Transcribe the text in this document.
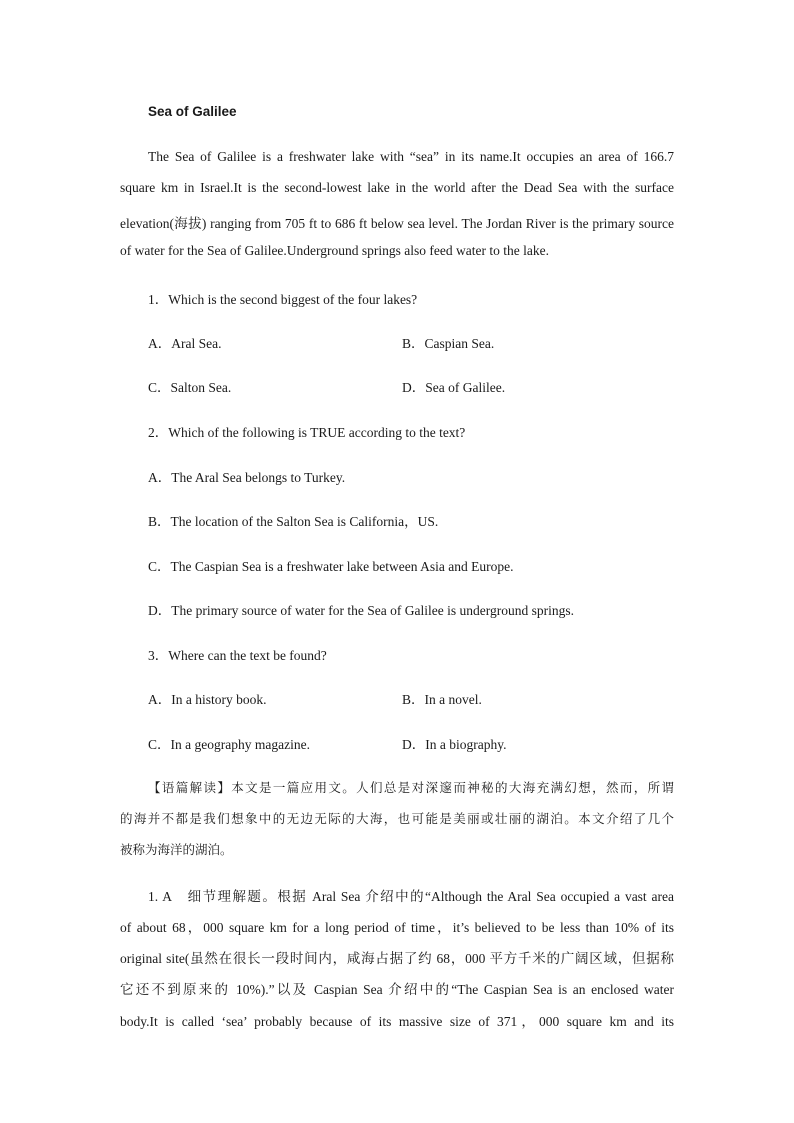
Sea of Galilee
The Sea of Galilee is a freshwater lake with “sea” in its name.It occupies an area of 166.7
square km in Israel.It is the second-lowest lake in the world after the Dead Sea with the surface
elevation(海拔) ranging from 705 ft to 686 ft below sea level. The Jordan River is the primary source
of water for the Sea of Galilee.Underground springs also feed water to the lake.
1．Which is the second biggest of the four lakes?
A．Aral Sea.	B．Caspian Sea.
C．Salton Sea.	D．Sea of Galilee.
2．Which of the following is TRUE according to the text?
A．The Aral Sea belongs to Turkey.
B．The location of the Salton Sea is California，US.
C．The Caspian Sea is a freshwater lake between Asia and Europe.
D．The primary source of water for the Sea of Galilee is underground springs.
3．Where can the text be found?
A．In a history book.	B．In a novel.
C．In a geography magazine.	D．In a biography.
【语篇解读】本文是一篇应用文。人们总是对深邃而神秘的大海充满幻想，然而，所谓
的海并不都是我们想象中的无边无际的大海，也可能是美丽或壮丽的湖泊。本文介绍了几个
被称为海洋的湖泊。
1. A　细节理解题。根据 Aral Sea 介绍中的“Although the Aral Sea occupied a vast area
of about 68，000 square km for a long period of time，it’s believed to be less than 10% of its
original site(虽然在很长一段时间内，咸海占据了约 68，000 平方千米的广阔区域，但据称
它还不到原来的 10%).”以及 Caspian Sea 介绍中的“The Caspian Sea is an enclosed water
body.It is called ‘sea’ probably because of its massive size of 371，000 square km and its
